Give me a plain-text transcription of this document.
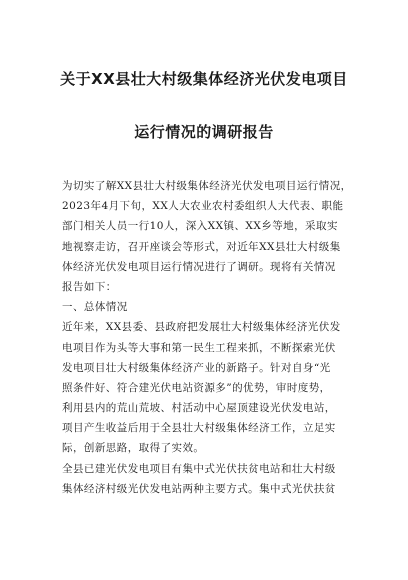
关于XX县壮大村级集体经济光伏发电项目
运行情况的调研报告
为切实了解XX县壮大村级集体经济光伏发电项目运行情况，
2023年4月下旬，XX人大农业农村委组织人大代表、职能
部门相关人员一行10人，深入XX镇、XX乡等地，采取实
地视察走访，召开座谈会等形式，对近年XX县壮大村级集
体经济光伏发电项目运行情况进行了调研。现将有关情况
报告如下：
一、总体情况
近年来，XX县委、县政府把发展壮大村级集体经济光伏发
电项目作为头等大事和第一民生工程来抓，不断探索光伏
发电项目壮大村级集体经济产业的新路子。针对自身“光
照条件好、符合建光伏电站资源多”的优势，审时度势，
利用县内的荒山荒坡、村活动中心屋顶建设光伏发电站，
项目产生收益后用于全县壮大村级集体经济工作，立足实
际，创新思路，取得了实效。
全县已建光伏发电项目有集中式光伏扶贫电站和壮大村级
集体经济村级光伏发电站两种主要方式。集中式光伏扶贫
